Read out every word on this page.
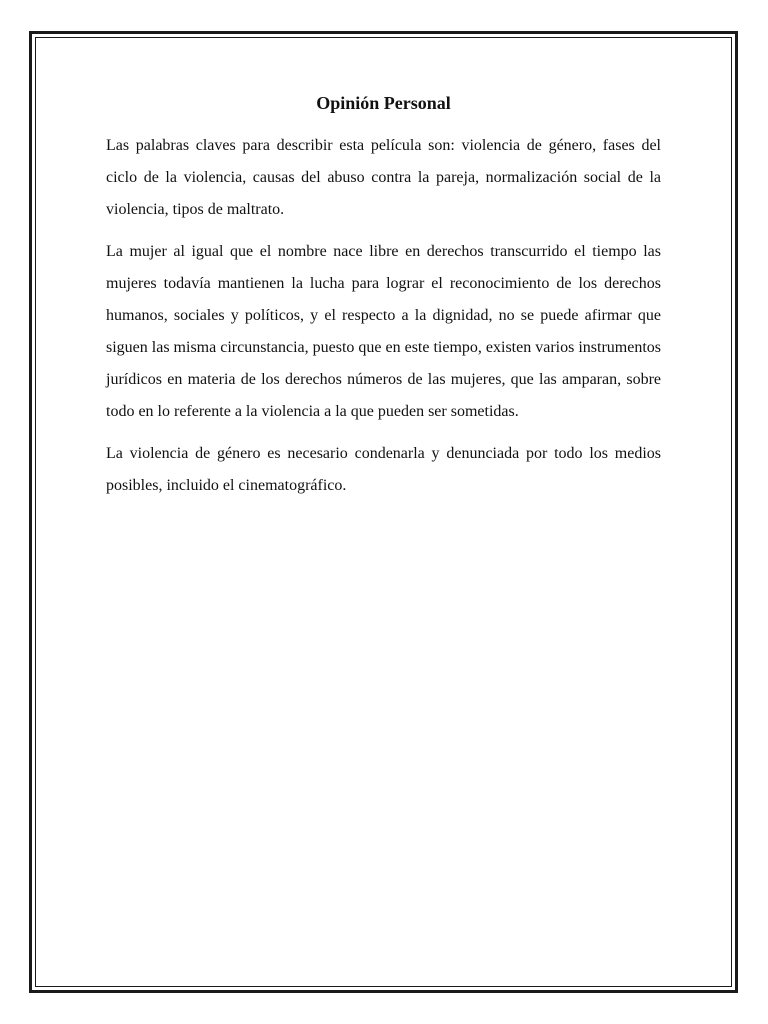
Opinión Personal

Las palabras claves para describir esta película son: violencia de género, fases del ciclo de la violencia, causas del abuso contra la pareja, normalización social de la violencia, tipos de maltrato.

La mujer al igual que el nombre nace libre en derechos transcurrido el tiempo las mujeres todavía mantienen la lucha para lograr el reconocimiento de los derechos humanos, sociales y políticos, y el respecto a la dignidad, no se puede afirmar que siguen las misma circunstancia, puesto que en este tiempo, existen varios instrumentos jurídicos en materia de los derechos números de las mujeres, que las amparan, sobre todo en lo referente a la violencia a la que pueden ser sometidas.

La violencia de género es necesario condenarla y denunciada por todo los medios posibles, incluido el cinematográfico.
